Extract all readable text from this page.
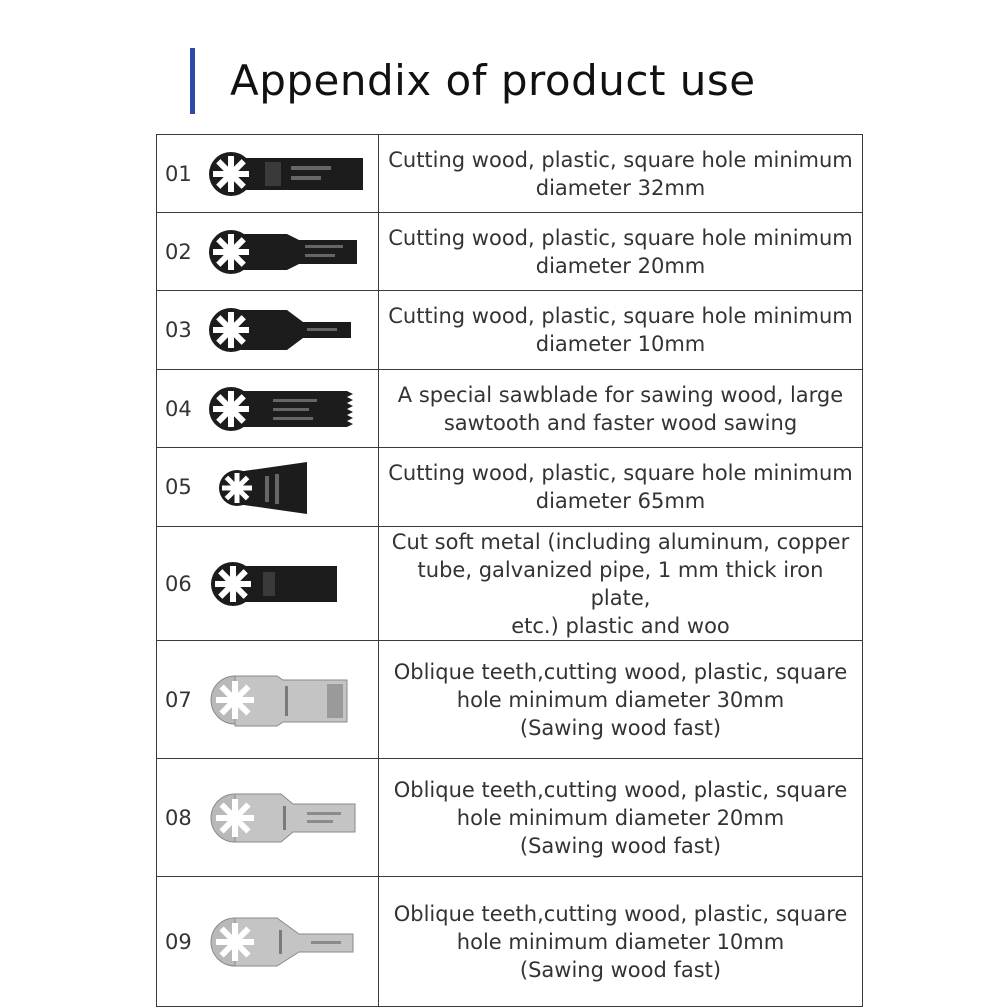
Appendix of product use
01
Cutting wood, plastic, square hole minimum
diameter 32mm
02
Cutting wood, plastic, square hole minimum
diameter 20mm
03
Cutting wood, plastic, square hole minimum
diameter 10mm
04
A special sawblade for sawing wood, large
sawtooth and faster wood sawing
05
Cutting wood, plastic, square hole minimum
diameter 65mm
06
Cut soft metal (including aluminum, copper
tube, galvanized pipe, 1 mm thick iron plate,
etc.) plastic and woo
07
Oblique teeth,cutting wood, plastic, square
hole minimum diameter 30mm
(Sawing wood fast)
08
Oblique teeth,cutting wood, plastic, square
hole minimum diameter 20mm
(Sawing wood fast)
09
Oblique teeth,cutting wood, plastic, square
hole minimum diameter 10mm
(Sawing wood fast)
